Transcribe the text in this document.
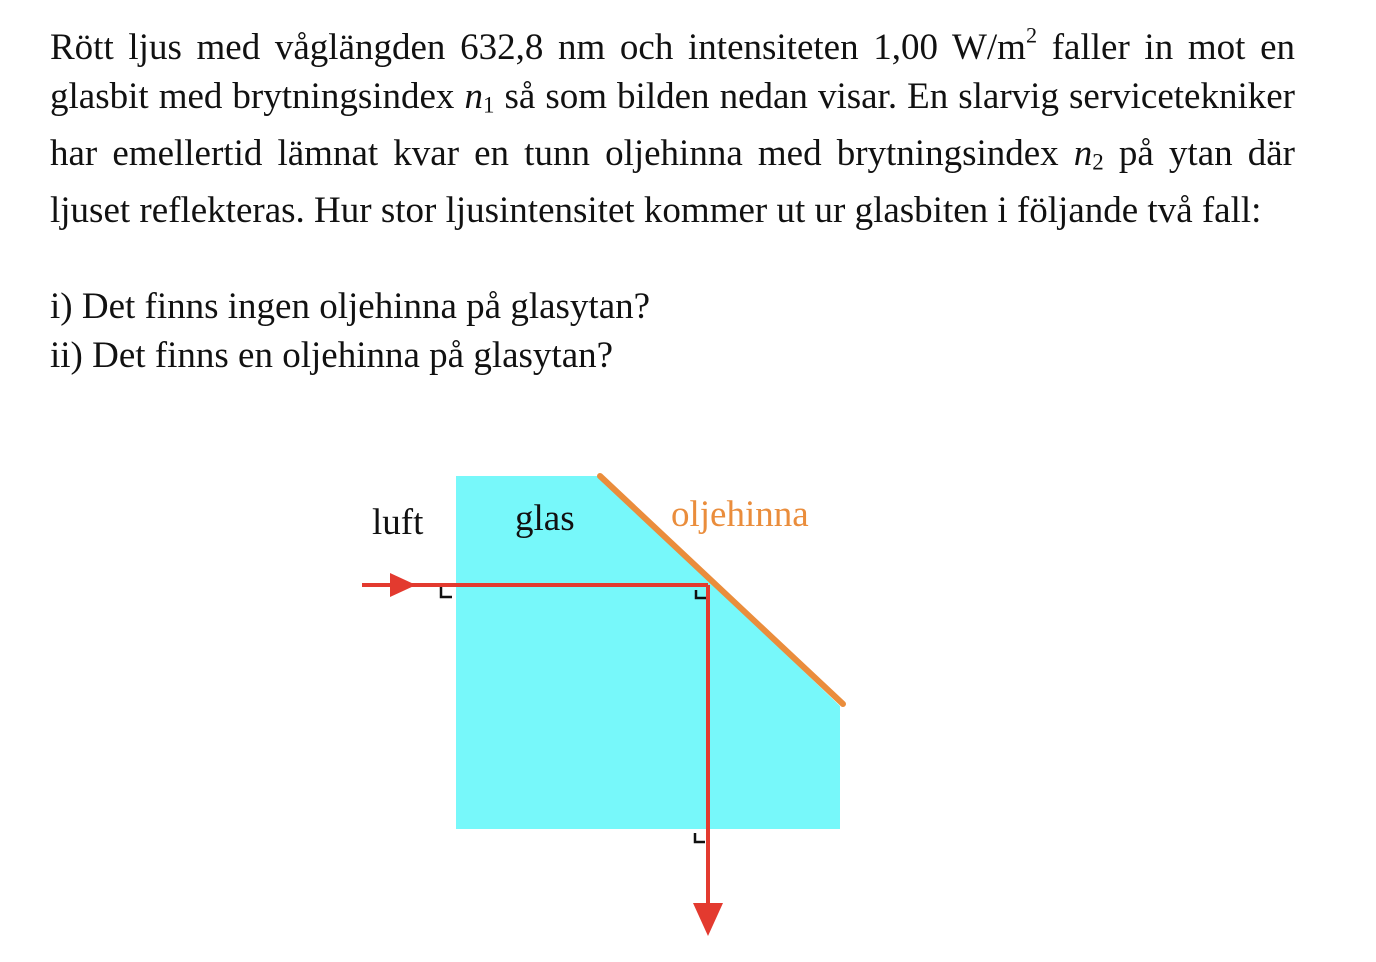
Rött ljus med våglängden 632,8 nm och intensiteten 1,00 $W/m^2$ faller in mot en glasbit med brytningsindex $n_1$ så som bilden nedan visar. En slarvig servicetekniker har emellertid lämnat kvar en tunn oljehinna med brytningsindex $n_2$ på ytan där ljuset reflekteras. Hur stor ljusintensitet kommer ut ur glasbiten i följande två fall:

i) Det finns ingen oljehinna på glasytan?
ii) Det finns en oljehinna på glasytan?

luft glas	oljehinna
